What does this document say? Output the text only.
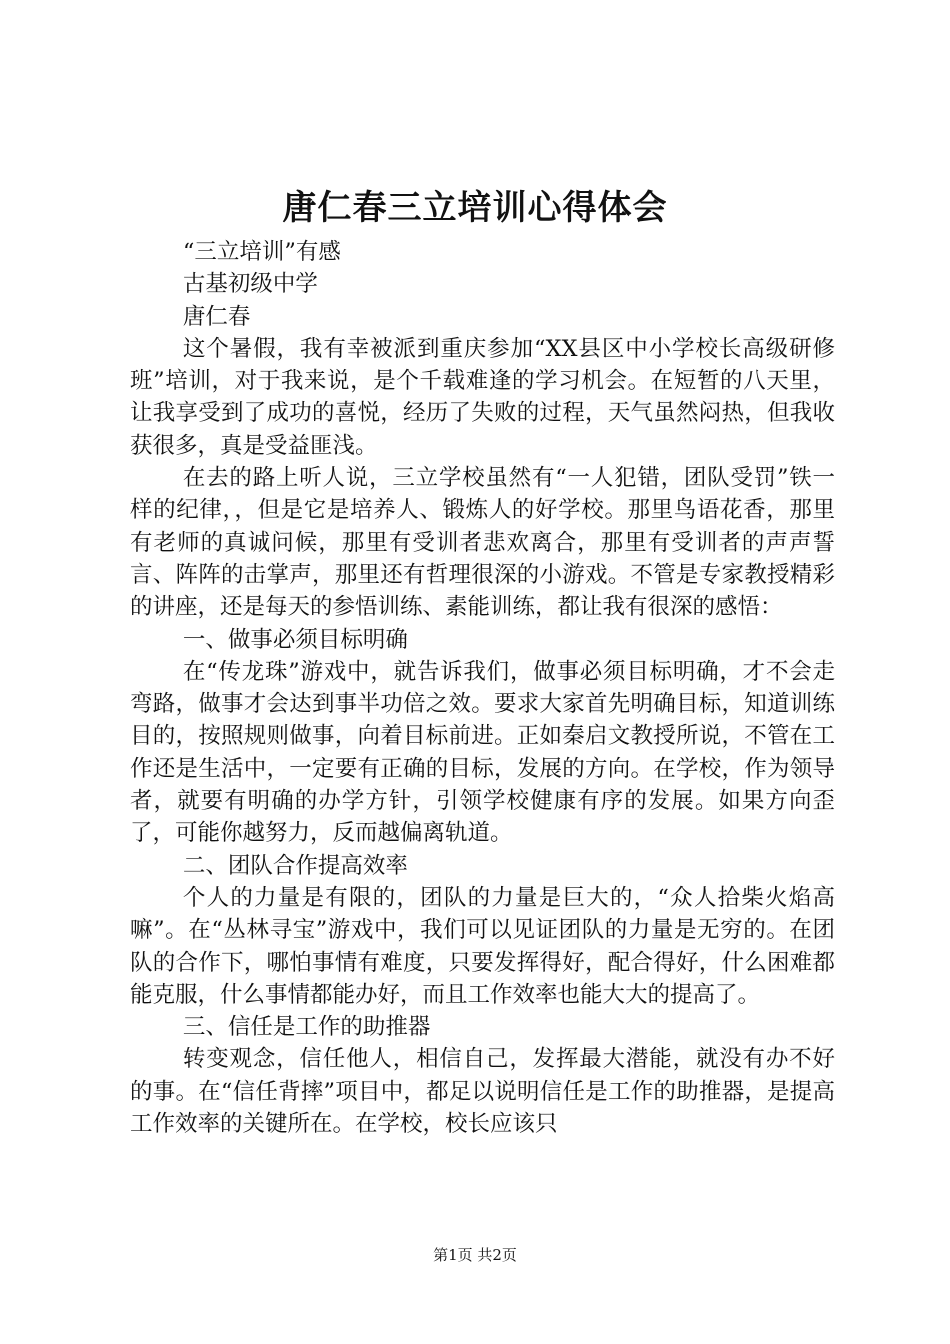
唐仁春三立培训心得体会

“三立培训”有感

古基初级中学

唐仁春

这个暑假，我有幸被派到重庆参加“XX县区中小学校长高级研修班”培训，对于我来说，是个千载难逢的学习机会。在短暂的八天里，让我享受到了成功的喜悦，经历了失败的过程，天气虽然闷热，但我收获很多，真是受益匪浅。

在去的路上听人说，三立学校虽然有“一人犯错，团队受罚”铁一样的纪律，，但是它是培养人、锻炼人的好学校。那里鸟语花香，那里有老师的真诚问候，那里有受训者悲欢离合，那里有受训者的声声誓言、阵阵的击掌声，那里还有哲理很深的小游戏。不管是专家教授精彩的讲座，还是每天的参悟训练、素能训练，都让我有很深的感悟：

一、做事必须目标明确

在“传龙珠”游戏中，就告诉我们，做事必须目标明确，才不会走弯路，做事才会达到事半功倍之效。要求大家首先明确目标，知道训练目的，按照规则做事，向着目标前进。正如秦启文教授所说，不管在工作还是生活中，一定要有正确的目标，发展的方向。在学校，作为领导者，就要有明确的办学方针，引领学校健康有序的发展。如果方向歪了，可能你越努力，反而越偏离轨道。

二、团队合作提高效率

个人的力量是有限的，团队的力量是巨大的，“众人拾柴火焰高嘛”。在“丛林寻宝”游戏中，我们可以见证团队的力量是无穷的。在团队的合作下，哪怕事情有难度，只要发挥得好，配合得好，什么困难都能克服，什么事情都能办好，而且工作效率也能大大的提高了。

三、信任是工作的助推器

转变观念，信任他人，相信自己，发挥最大潜能，就没有办不好的事。在“信任背摔”项目中，都足以说明信任是工作的助推器，是提高工作效率的关键所在。在学校，校长应该只

第1页 共2页
